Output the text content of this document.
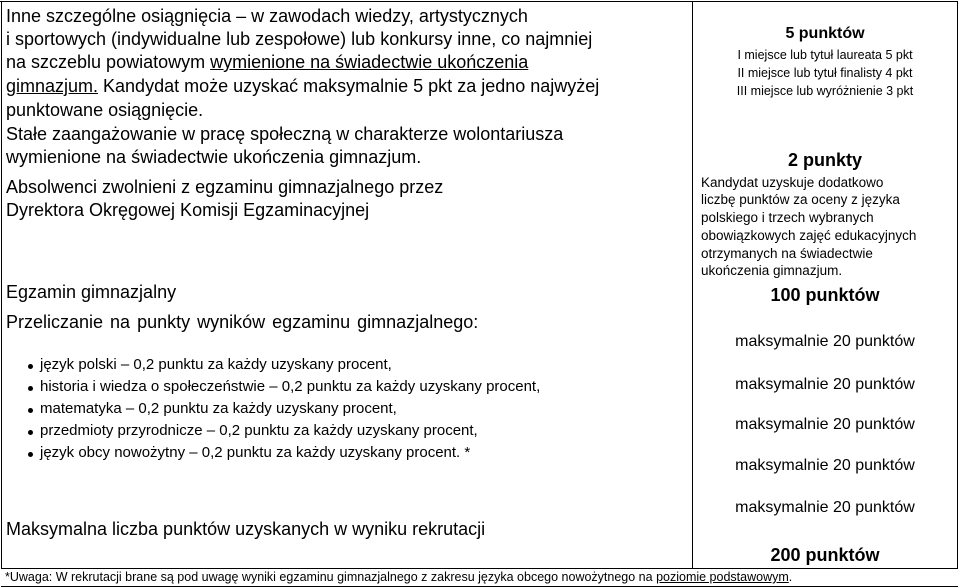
Inne szczególne osiągnięcia – w zawodach wiedzy, artystycznych
i sportowych (indywidualne lub zespołowe) lub konkursy inne, co najmniej
na szczeblu powiatowym wymienione na świadectwie ukończenia
gimnazjum. Kandydat może uzyskać maksymalnie 5 pkt za jedno najwyżej
punktowane osiągnięcie.
5 punktów
I miejsce lub tytuł laureata 5 pkt
II miejsce lub tytuł finalisty 4 pkt
III miejsce lub wyróżnienie 3 pkt
Stałe zaangażowanie w pracę społeczną w charakterze wolontariusza
wymienione na świadectwie ukończenia gimnazjum.	2 punkty
Absolwenci zwolnieni z egzaminu gimnazjalnego przez
Dyrektora Okręgowej Komisji Egzaminacyjnej
Kandydat uzyskuje dodatkowo
liczbę punktów za oceny z języka
polskiego i trzech wybranych
obowiązkowych zajęć edukacyjnych
otrzymanych na świadectwie
ukończenia gimnazjum.
Egzamin gimnazjalny	100 punktów
Przeliczanie na punkty wyników egzaminu gimnazjalnego:
język polski – 0,2 punktu za każdy uzyskany procent,
historia i wiedza o społeczeństwie – 0,2 punktu za każdy uzyskany procent,
matematyka – 0,2 punktu za każdy uzyskany procent,
przedmioty przyrodnicze – 0,2 punktu za każdy uzyskany procent,
język obcy nowożytny – 0,2 punktu za każdy uzyskany procent. *
maksymalnie 20 punktów
maksymalnie 20 punktów
maksymalnie 20 punktów
maksymalnie 20 punktów
maksymalnie 20 punktów
Maksymalna liczba punktów uzyskanych w wyniku rekrutacji
200 punktów
*Uwaga: W rekrutacji brane są pod uwagę wyniki egzaminu gimnazjalnego z zakresu języka obcego nowożytnego na poziomie podstawowym.
